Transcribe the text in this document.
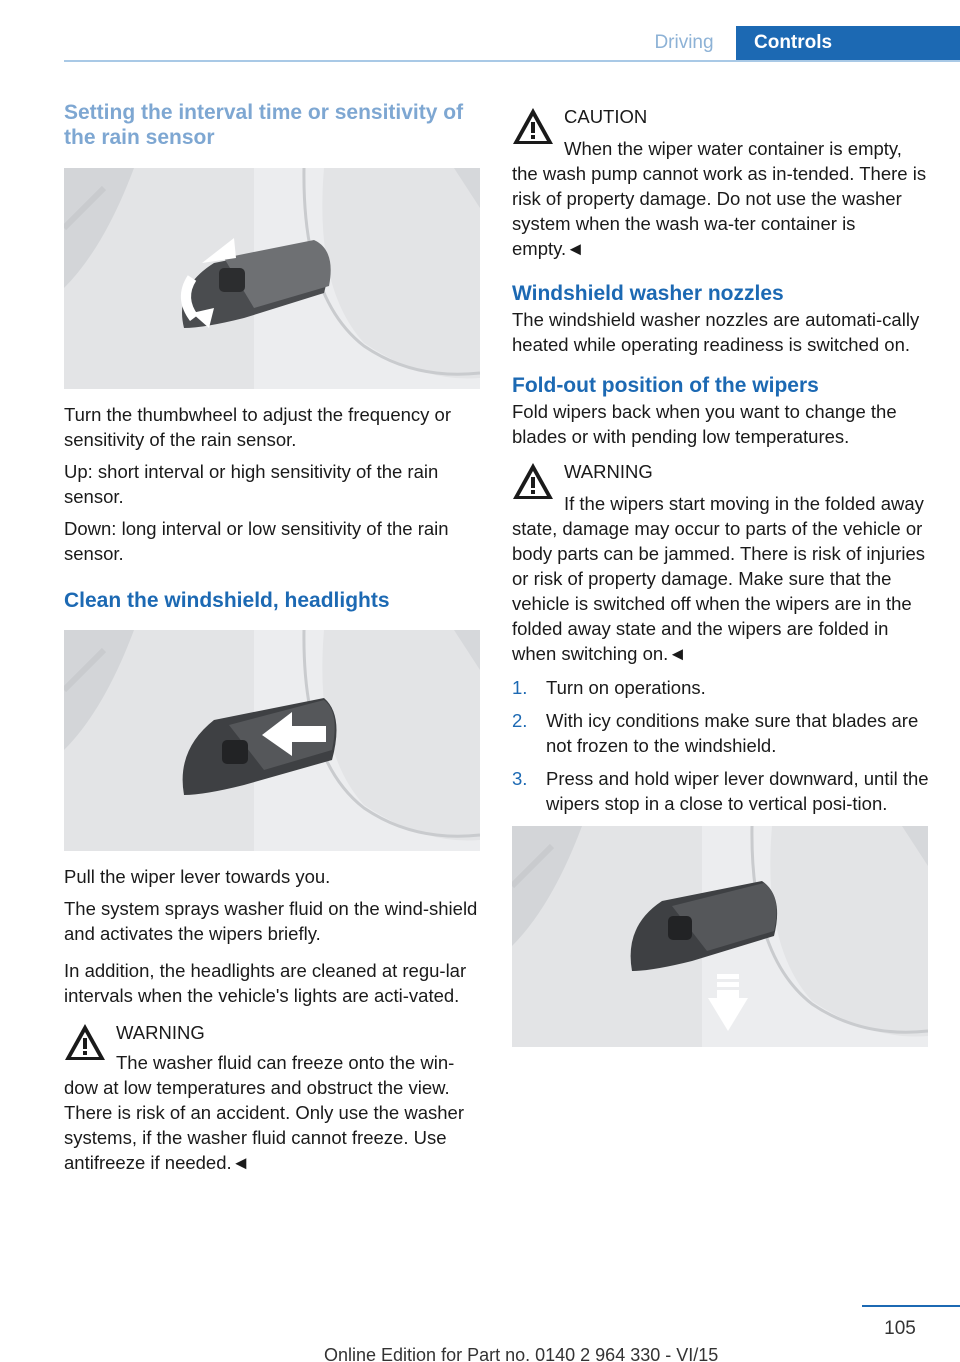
Driving	Controls
Setting the interval time or sensitivity of the rain sensor

Turn the thumbwheel to adjust the frequency or sensitivity of the rain sensor.

Up: short interval or high sensitivity of the rain sensor.

Down: long interval or low sensitivity of the rain sensor.

Clean the windshield, headlights

Pull the wiper lever towards you.

The system sprays washer fluid on the wind‐shield and activates the wipers briefly.

In addition, the headlights are cleaned at regu‐lar intervals when the vehicle's lights are acti‐vated.

WARNING
The washer fluid can freeze onto the win‐dow at low temperatures and obstruct the view. There is risk of an accident. Only use the washer systems, if the washer fluid cannot freeze. Use antifreeze if needed.◄
CAUTION
When the wiper water container is empty, the wash pump cannot work as in‐tended. There is risk of property damage. Do not use the washer system when the wash wa‐ter container is empty.◄
Windshield washer nozzles

The windshield washer nozzles are automati‐cally heated while operating readiness is switched on.

Fold-out position of the wipers

Fold wipers back when you want to change the blades or with pending low temperatures.

WARNING
If the wipers start moving in the folded away state, damage may occur to parts of the vehicle or body parts can be jammed. There is risk of injuries or risk of property damage. Make sure that the vehicle is switched off when the wipers are in the folded away state and the wipers are folded in when switching on.◄
1. Turn on operations.
2. With icy conditions make sure that blades are not frozen to the windshield.
3. Press and hold wiper lever downward, until the wipers stop in a close to vertical posi‐tion.
105
Online Edition for Part no. 0140 2 964 330 - VI/15
